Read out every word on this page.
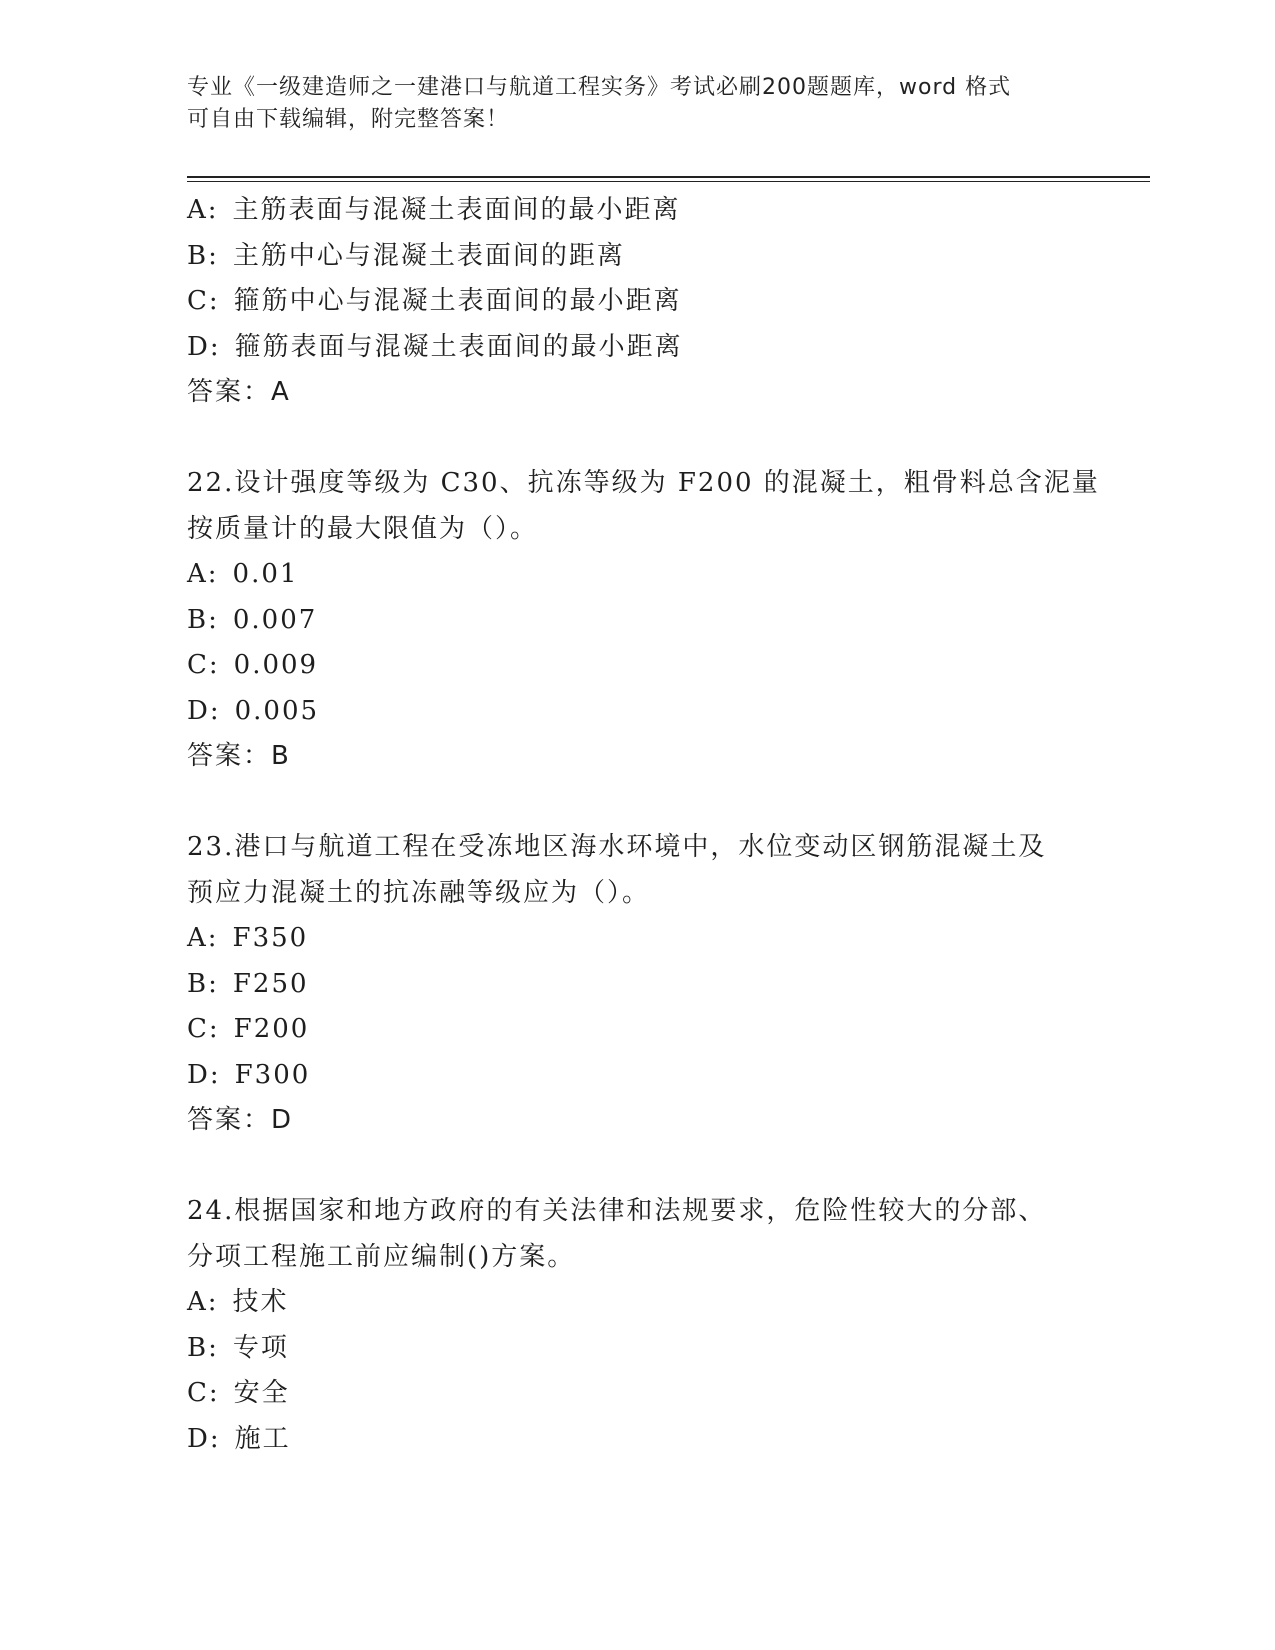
专业《一级建造师之一建港口与航道工程实务》考试必刷200题题库，word 格式
可自由下载编辑，附完整答案！
A: 主筋表面与混凝土表面间的最小距离
B: 主筋中心与混凝土表面间的距离
C: 箍筋中心与混凝土表面间的最小距离
D: 箍筋表面与混凝土表面间的最小距离
答案：A
22.设计强度等级为 C30、抗冻等级为 F200 的混凝土，粗骨料总含泥量
按质量计的最大限值为（）。
A: 0.01
B: 0.007
C: 0.009
D: 0.005
答案：B
23.港口与航道工程在受冻地区海水环境中，水位变动区钢筋混凝土及
预应力混凝土的抗冻融等级应为（）。
A: F350
B: F250
C: F200
D: F300
答案：D
24.根据国家和地方政府的有关法律和法规要求，危险性较大的分部、
分项工程施工前应编制()方案。
A: 技术
B: 专项
C: 安全
D: 施工
